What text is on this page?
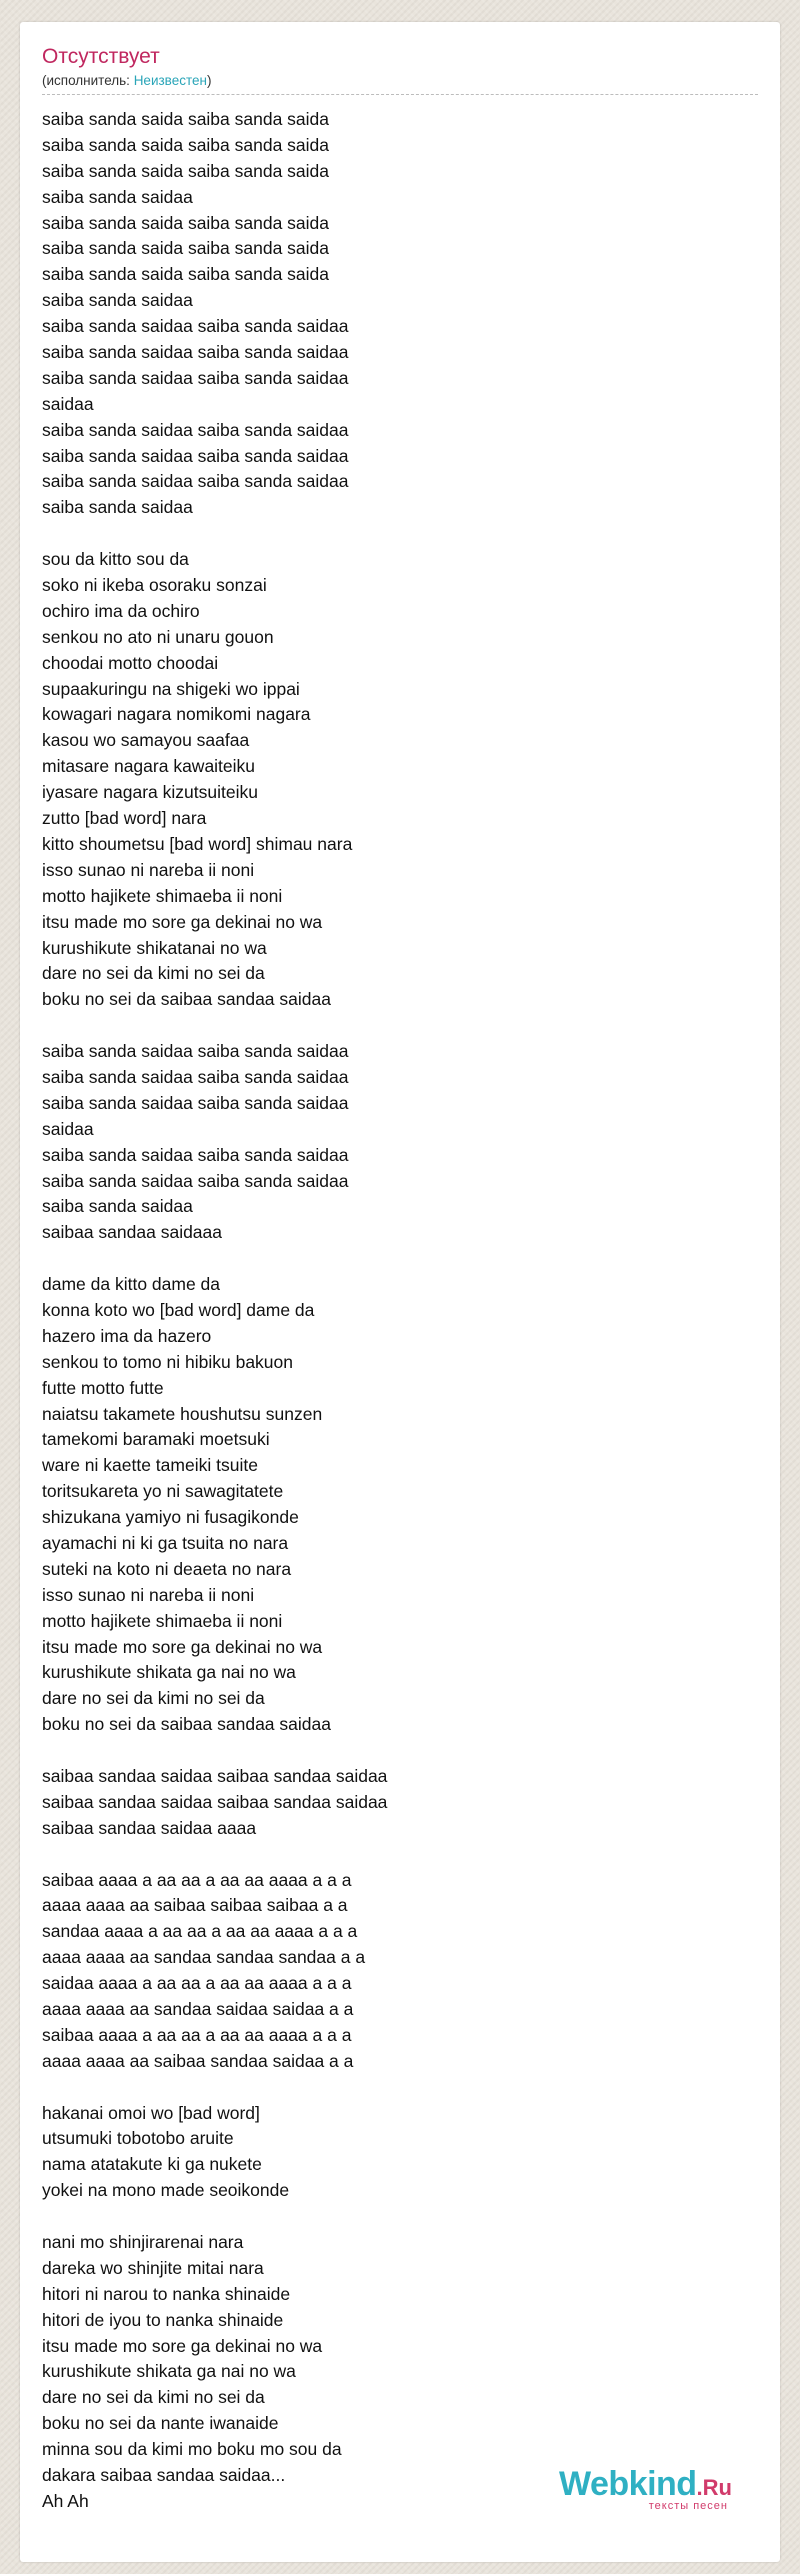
Отсутствует
(исполнитель: Неизвестен)
saiba sanda saida saiba sanda saida
saiba sanda saida saiba sanda saida
saiba sanda saida saiba sanda saida
saiba sanda saidaa
saiba sanda saida saiba sanda saida
saiba sanda saida saiba sanda saida
saiba sanda saida saiba sanda saida
saiba sanda saidaa
saiba sanda saidaa saiba sanda saidaa
saiba sanda saidaa saiba sanda saidaa
saiba sanda saidaa saiba sanda saidaa
saidaa
saiba sanda saidaa saiba sanda saidaa
saiba sanda saidaa saiba sanda saidaa
saiba sanda saidaa saiba sanda saidaa
saiba sanda saidaa
sou da kitto sou da
soko ni ikeba osoraku sonzai
ochiro ima da ochiro
senkou no ato ni unaru gouon
choodai motto choodai
supaakuringu na shigeki wo ippai
kowagari nagara nomikomi nagara
kasou wo samayou saafaa
mitasare nagara kawaiteiku
iyasare nagara kizutsuiteiku
zutto [bad word] nara
kitto shoumetsu [bad word] shimau nara
isso sunao ni nareba ii noni
motto hajikete shimaeba ii noni
itsu made mo sore ga dekinai no wa
kurushikute shikatanai no wa
dare no sei da kimi no sei da
boku no sei da saibaa sandaa saidaa
saiba sanda saidaa saiba sanda saidaa
saiba sanda saidaa saiba sanda saidaa
saiba sanda saidaa saiba sanda saidaa
saidaa
saiba sanda saidaa saiba sanda saidaa
saiba sanda saidaa saiba sanda saidaa
saiba sanda saidaa
saibaa sandaa saidaaa
dame da kitto dame da
konna koto wo [bad word] dame da
hazero ima da hazero
senkou to tomo ni hibiku bakuon
futte motto futte
naiatsu takamete houshutsu sunzen
tamekomi baramaki moetsuki
ware ni kaette tameiki tsuite
toritsukareta yo ni sawagitatete
shizukana yamiyo ni fusagikonde
ayamachi ni ki ga tsuita no nara
suteki na koto ni deaeta no nara
isso sunao ni nareba ii noni
motto hajikete shimaeba ii noni
itsu made mo sore ga dekinai no wa
kurushikute shikata ga nai no wa
dare no sei da kimi no sei da
boku no sei da saibaa sandaa saidaa
saibaa sandaa saidaa saibaa sandaa saidaa
saibaa sandaa saidaa saibaa sandaa saidaa
saibaa sandaa saidaa aaaa
saibaa aaaa a aa aa a aa aa aaaa a a a
aaaa aaaa aa saibaa saibaa saibaa a a
sandaa aaaa a aa aa a aa aa aaaa a a a
aaaa aaaa aa sandaa sandaa sandaa a a
saidaa aaaa a aa aa a aa aa aaaa a a a
aaaa aaaa aa sandaa saidaa saidaa a a
saibaa aaaa a aa aa a aa aa aaaa a a a
aaaa aaaa aa saibaa sandaa saidaa a a
hakanai omoi wo [bad word]
utsumuki tobotobo aruite
nama atatakute ki ga nukete
yokei na mono made seoikonde
nani mo shinjirarenai nara
dareka wo shinjite mitai nara
hitori ni narou to nanka shinaide
hitori de iyou to nanka shinaide
itsu made mo sore ga dekinai no wa
kurushikute shikata ga nai no wa
dare no sei da kimi no sei da
boku no sei da nante iwanaide
minna sou da kimi mo boku mo sou da
dakara saibaa sandaa saidaa...
Ah Ah	Webkind.Ru
тексты песен
